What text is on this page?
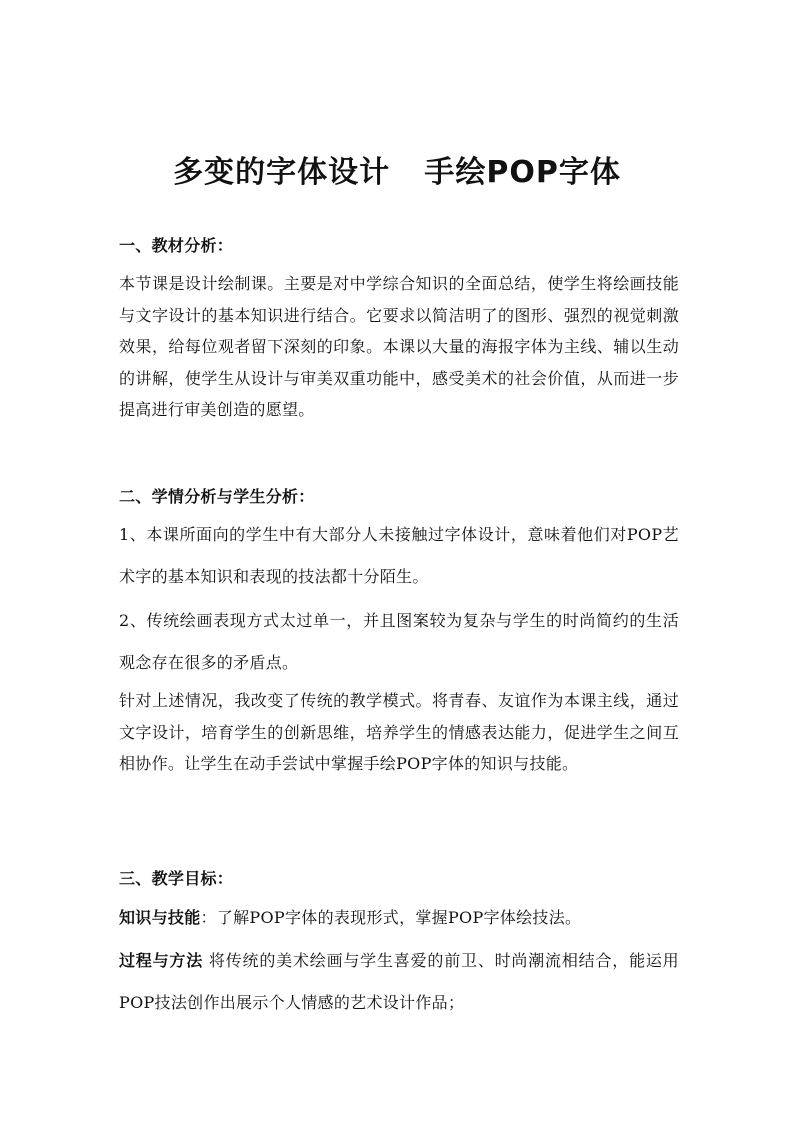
多变的字体设计   手绘POP字体
一、教材分析：
本节课是设计绘制课。主要是对中学综合知识的全面总结，使学生将绘画技能与文字设计的基本知识进行结合。它要求以简洁明了的图形、强烈的视觉刺激效果，给每位观者留下深刻的印象。本课以大量的海报字体为主线、辅以生动的讲解，使学生从设计与审美双重功能中，感受美术的社会价值，从而进一步提高进行审美创造的愿望。
二、学情分析与学生分析：
1、本课所面向的学生中有大部分人未接触过字体设计，意味着他们对POP艺术字的基本知识和表现的技法都十分陌生。
2、传统绘画表现方式太过单一，并且图案较为复杂与学生的时尚简约的生活观念存在很多的矛盾点。
针对上述情况，我改变了传统的教学模式。将青春、友谊作为本课主线，通过文字设计，培育学生的创新思维，培养学生的情感表达能力，促进学生之间互相协作。让学生在动手尝试中掌握手绘POP字体的知识与技能。
三、教学目标：
知识与技能：了解POP字体的表现形式，掌握POP字体绘技法。
过程与方法 将传统的美术绘画与学生喜爱的前卫、时尚潮流相结合，能运用POP技法创作出展示个人情感的艺术设计作品；
